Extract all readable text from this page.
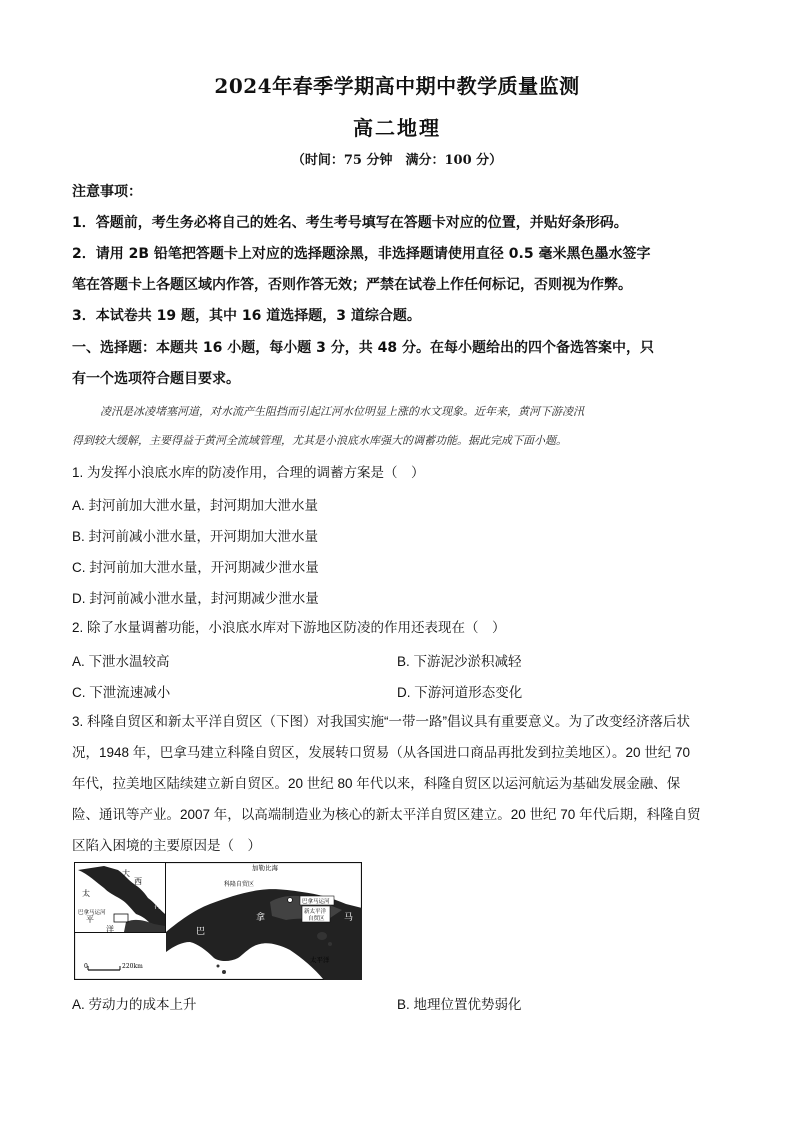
2024年春季学期高中期中教学质量监测
高二地理
（时间：75 分钟　满分：100 分）
注意事项：
1．答题前，考生务必将自己的姓名、考生考号填写在答题卡对应的位置，并贴好条形码。
2．请用 2B 铅笔把答题卡上对应的选择题涂黑，非选择题请使用直径 0.5 毫米黑色墨水签字
笔在答题卡上各题区域内作答，否则作答无效；严禁在试卷上作任何标记，否则视为作弊。
3．本试卷共 19 题，其中 16 道选择题，3 道综合题。
一、选择题：本题共 16 小题，每小题 3 分，共 48 分。在每小题给出的四个备选答案中，只
有一个选项符合题目要求。
凌汛是冰凌堵塞河道，对水流产生阻挡而引起江河水位明显上涨的水文现象。近年来，黄河下游凌汛
得到较大缓解，主要得益于黄河全流域管理，尤其是小浪底水库强大的调蓄功能。据此完成下面小题。
1. 为发挥小浪底水库的防凌作用，合理的调蓄方案是（　）
A. 封河前加大泄水量，封河期加大泄水量
B. 封河前减小泄水量，开河期加大泄水量
C. 封河前加大泄水量，开河期减少泄水量
D. 封河前减小泄水量，封河期减少泄水量
2. 除了水量调蓄功能，小浪底水库对下游地区防凌的作用还表现在（　）
A. 下泄水温较高	B. 下游泥沙淤积减轻
C. 下泄流速减小	D. 下游河道形态变化
3. 科隆自贸区和新太平洋自贸区（下图）对我国实施“一带一路”倡议具有重要意义。为了改变经济落后状
况，1948 年，巴拿马建立科隆自贸区，发展转口贸易（从各国进口商品再批发到拉美地区）。20 世纪 70
年代，拉美地区陆续建立新自贸区。20 世纪 80 年代以来，科隆自贸区以运河航运为基础发展金融、保
险、通讯等产业。2007 年，以高端制造业为核心的新太平洋自贸区建立。20 世纪 70 年代后期，科隆自贸
区陷入困境的主要原因是（　）
大
西
洋
太
平
洋
巴拿马运河
加勒比海
科隆自贸区
巴拿马运河
新太平洋
自贸区
巴
拿	马
太平洋
0	220km
A. 劳动力的成本上升	B. 地理位置优势弱化
